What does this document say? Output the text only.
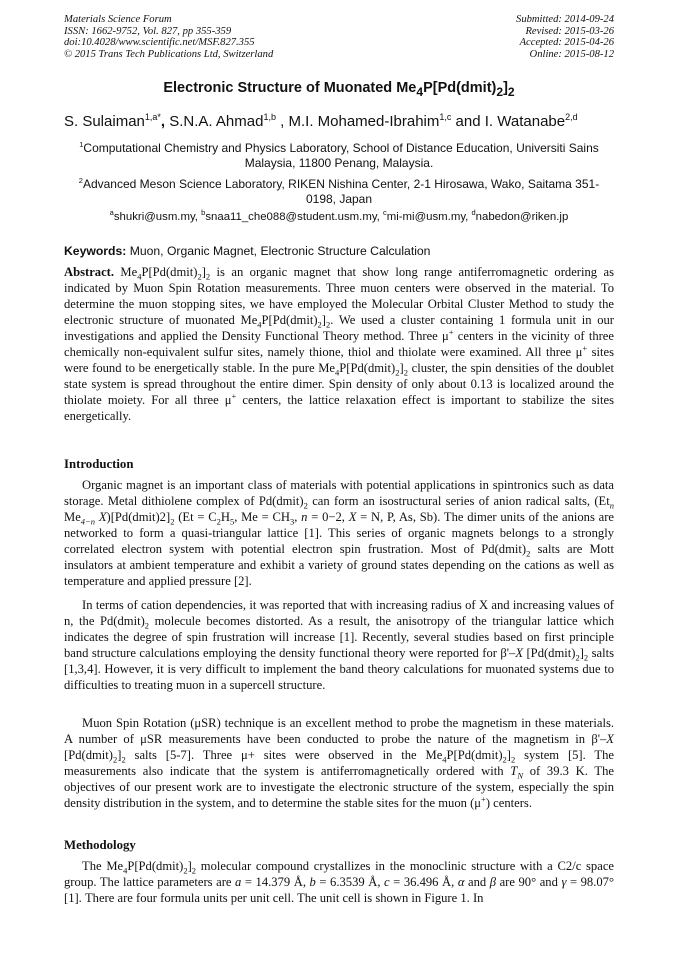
Materials Science Forum
ISSN: 1662-9752, Vol. 827, pp 355-359
doi:10.4028/www.scientific.net/MSF.827.355
© 2015 Trans Tech Publications Ltd, Switzerland
Submitted: 2014-09-24
Revised: 2015-03-26
Accepted: 2015-04-26
Online: 2015-08-12
Electronic Structure of Muonated $Me_4P[Pd(dmit)_2]_2$
S. Sulaiman$^{1,a*}$, S.N.A. Ahmad$^{1,b}$ , M.I. Mohamed-Ibrahim$^{1,c}$ and I. Watanabe$^{2,d}$
$^1$Computational Chemistry and Physics Laboratory, School of Distance Education, Universiti Sains Malaysia, 11800 Penang, Malaysia.
$^2$Advanced Meson Science Laboratory, RIKEN Nishina Center, 2-1 Hirosawa, Wako, Saitama 351-0198, Japan
$^a$shukri@usm.my, $^b$snaa11_che088@student.usm.my, $^c$mi-mi@usm.my, $^d$nabedon@riken.jp
Keywords: Muon, Organic Magnet, Electronic Structure Calculation
Abstract. $Me_4P[Pd(dmit)_2]_2$ is an organic magnet that show long range antiferromagnetic ordering as indicated by Muon Spin Rotation measurements. Three muon centers were observed in the material. To determine the muon stopping sites, we have employed the Molecular Orbital Cluster Method to study the electronic structure of muonated $Me_4P[Pd(dmit)_2]_2$. We used a cluster containing 1 formula unit in our investigations and applied the Density Functional Theory method. Three μ+ centers in the vicinity of three chemically non-equivalent sulfur sites, namely thione, thiol and thiolate were examined. All three μ+ sites were found to be energetically stable. In the pure $Me_4P[Pd(dmit)_2]_2$ cluster, the spin densities of the doublet state system is spread throughout the entire dimer. Spin density of only about 0.13 is localized around the thiolate moiety. For all three μ+ centers, the lattice relaxation effect is important to stabilize the sites energetically.
Introduction
Organic magnet is an important class of materials with potential applications in spintronics such as data storage. Metal dithiolene complex of $Pd(dmit)_2$ can form an isostructural series of anion radical salts, ($Et_n$ $Me_{4-n}$ $X)[Pd(dmit)2]_2$ ($Et = C_2H_5$, $Me = CH_3$, n = 0−2, X = N, P, As, Sb). The dimer units of the anions are networked to form a quasi-triangular lattice [1]. This series of organic magnets belongs to a strongly correlated electron system with potential electron spin frustration. Most of $Pd(dmit)_2$ salts are Mott insulators at ambient temperature and exhibit a variety of ground states depending on the cations as well as temperature and applied pressure [2].
In terms of cation dependencies, it was reported that with increasing radius of X and increasing values of n, the $Pd(dmit)_2$ molecule becomes distorted. As a result, the anisotropy of the triangular lattice which indicates the degree of spin frustration will increase [1]. Recently, several studies based on first principle band structure calculations employing the density functional theory were reported for β'–X $[Pd(dmit)_2]_2$ salts [1,3,4]. However, it is very difficult to implement the band theory calculations for muonated systems due to difficulties to treating muon in a supercell structure.
Muon Spin Rotation (μSR) technique is an excellent method to probe the magnetism in these materials. A number of μSR measurements have been conducted to probe the nature of the magnetism in β'–X $[Pd(dmit)_2]_2$ salts [5-7]. Three μ+ sites were observed in the $Me_4P[Pd(dmit)_2]_2$ system [5]. The measurements also indicate that the system is antiferromagnetically ordered with $T_N$ of 39.3 K. The objectives of our present work are to investigate the electronic structure of the system, especially the spin density distribution in the system, and to determine the stable sites for the muon (μ+) centers.
Methodology
The $Me_4P[Pd(dmit)_2]_2$ molecular compound crystallizes in the monoclinic structure with a C2/c space group. The lattice parameters are a = 14.379 Å, b = 6.3539 Å, c = 36.496 Å, α and β are 90° and γ = 98.07° [1]. There are four formula units per unit cell. The unit cell is shown in Figure 1. In
